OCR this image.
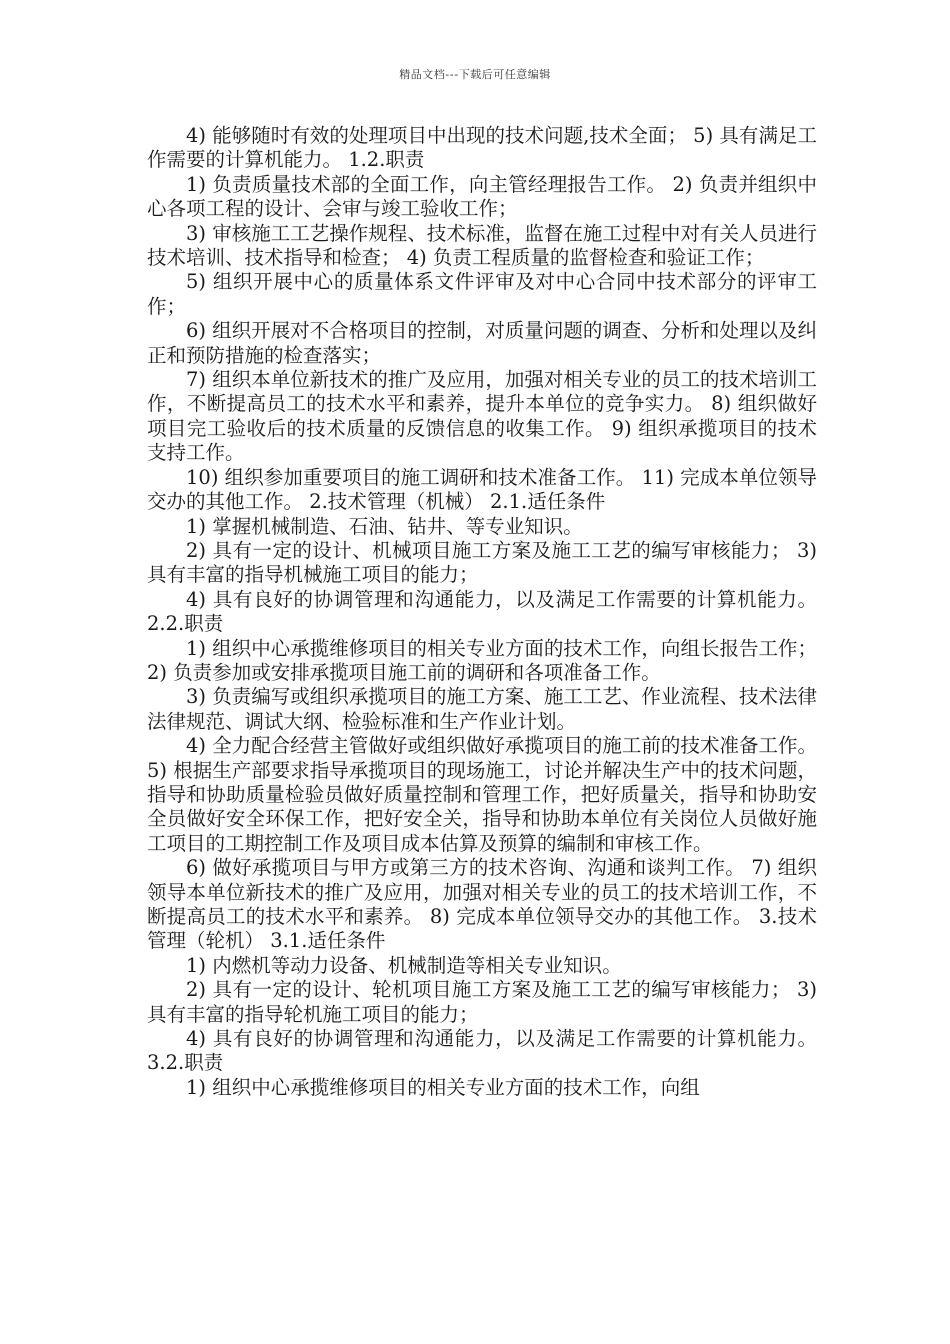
精品文档---下载后可任意编辑

4) 能够随时有效的处理项目中出现的技术问题,技术全面； 5) 具有满足工作需要的计算机能力。 1.2.职责

1) 负责质量技术部的全面工作，向主管经理报告工作。 2) 负责并组织中心各项工程的设计、会审与竣工验收工作；

3) 审核施工工艺操作规程、技术标准，监督在施工过程中对有关人员进行技术培训、技术指导和检查； 4) 负责工程质量的监督检查和验证工作；

5) 组织开展中心的质量体系文件评审及对中心合同中技术部分的评审工作；

6) 组织开展对不合格项目的控制，对质量问题的调查、分析和处理以及纠正和预防措施的检查落实；

7) 组织本单位新技术的推广及应用，加强对相关专业的员工的技术培训工作，不断提高员工的技术水平和素养，提升本单位的竞争实力。 8) 组织做好项目完工验收后的技术质量的反馈信息的收集工作。 9) 组织承揽项目的技术支持工作。

10) 组织参加重要项目的施工调研和技术准备工作。 11) 完成本单位领导交办的其他工作。 2.技术管理（机械） 2.1.适任条件

1) 掌握机械制造、石油、钻井、等专业知识。

2) 具有一定的设计、机械项目施工方案及施工工艺的编写审核能力； 3) 具有丰富的指导机械施工项目的能力；

4) 具有良好的协调管理和沟通能力，以及满足工作需要的计算机能力。 2.2.职责

1) 组织中心承揽维修项目的相关专业方面的技术工作，向组长报告工作； 2) 负责参加或安排承揽项目施工前的调研和各项准备工作。

3) 负责编写或组织承揽项目的施工方案、施工工艺、作业流程、技术法律法律规范、调试大纲、检验标准和生产作业计划。

4) 全力配合经营主管做好或组织做好承揽项目的施工前的技术准备工作。 5) 根据生产部要求指导承揽项目的现场施工，讨论并解决生产中的技术问题，指导和协助质量检验员做好质量控制和管理工作，把好质量关，指导和协助安全员做好安全环保工作，把好安全关，指导和协助本单位有关岗位人员做好施工项目的工期控制工作及项目成本估算及预算的编制和审核工作。

6) 做好承揽项目与甲方或第三方的技术咨询、沟通和谈判工作。 7) 组织领导本单位新技术的推广及应用，加强对相关专业的员工的技术培训工作，不断提高员工的技术水平和素养。 8) 完成本单位领导交办的其他工作。 3.技术管理（轮机） 3.1.适任条件

1) 内燃机等动力设备、机械制造等相关专业知识。

2) 具有一定的设计、轮机项目施工方案及施工工艺的编写审核能力； 3) 具有丰富的指导轮机施工项目的能力；

4) 具有良好的协调管理和沟通能力，以及满足工作需要的计算机能力。 3.2.职责

1) 组织中心承揽维修项目的相关专业方面的技术工作，向组
